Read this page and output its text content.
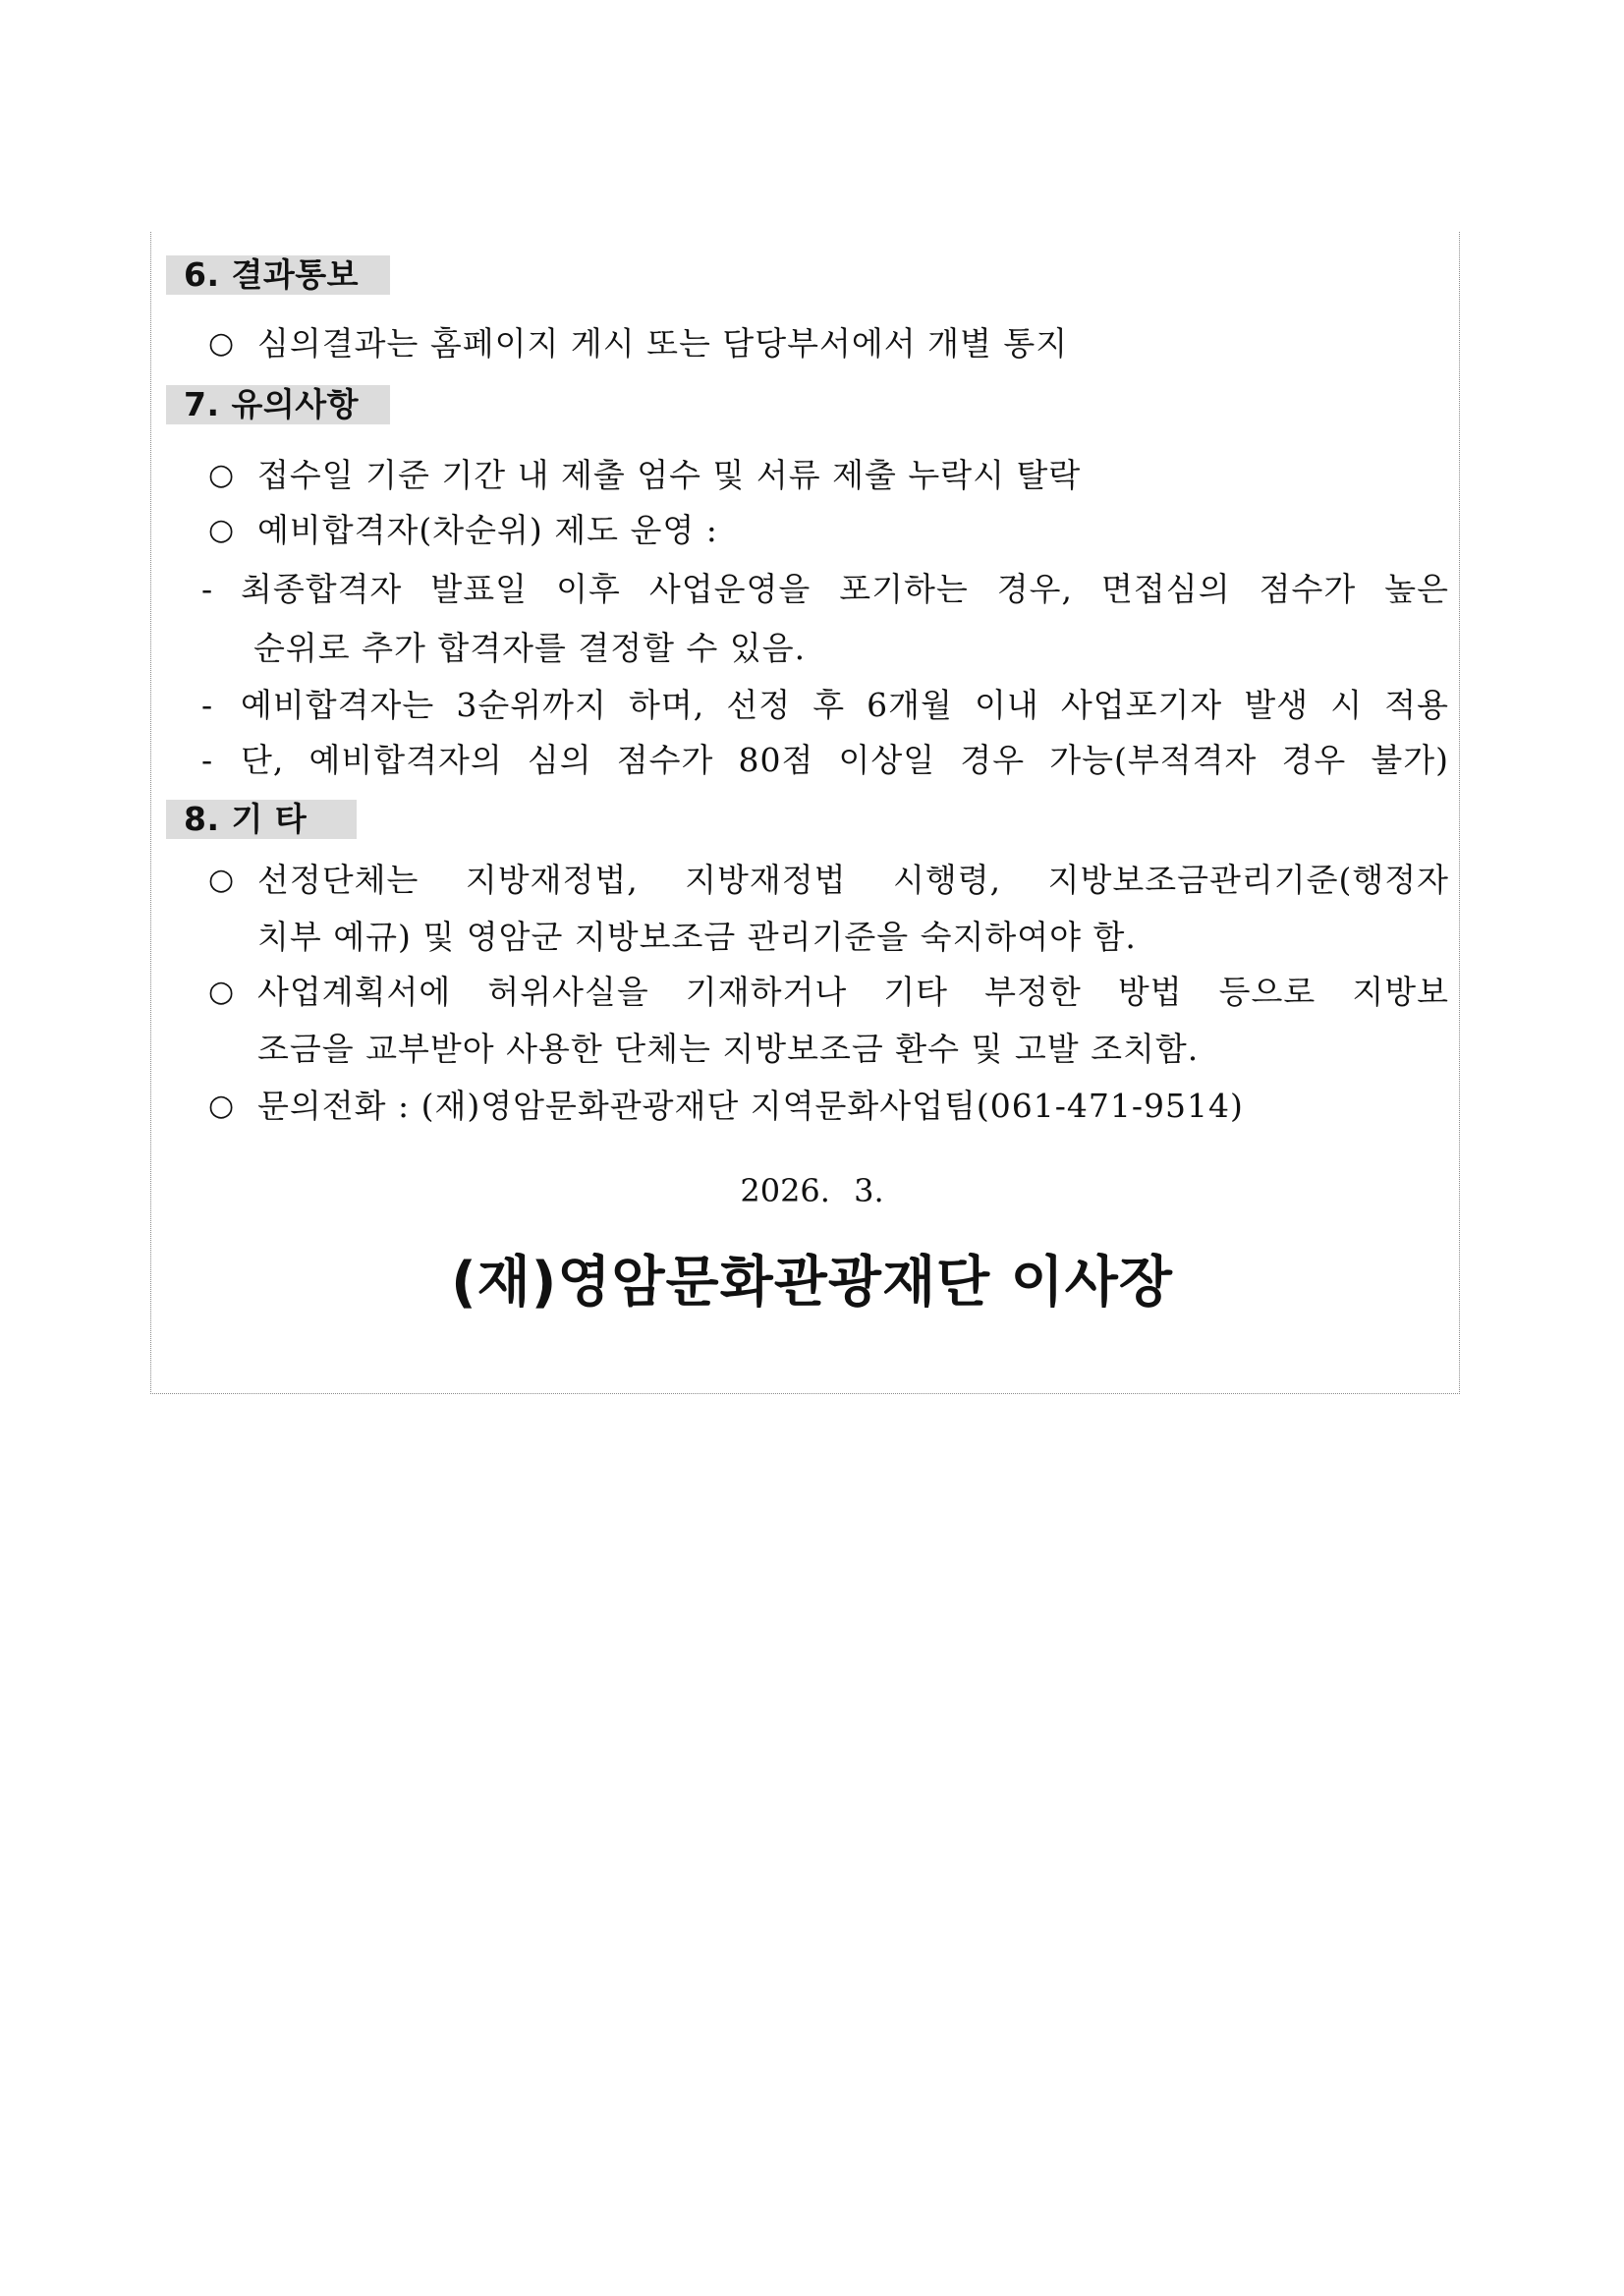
6. 결과통보
○ 심의결과는 홈페이지 게시 또는 담당부서에서 개별 통지
7. 유의사항
○ 접수일 기준 기간 내 제출 엄수 및 서류 제출 누락시 탈락
○ 예비합격자(차순위) 제도 운영 :
- 최종합격자 발표일 이후 사업운영을 포기하는 경우, 면접심의 점수가 높은
순위로 추가 합격자를 결정할 수 있음.
- 예비합격자는 3순위까지 하며, 선정 후 6개월 이내 사업포기자 발생 시 적용
- 단, 예비합격자의 심의 점수가 80점 이상일 경우 가능(부적격자 경우 불가)
8. 기 타
○ 선정단체는 지방재정법, 지방재정법 시행령, 지방보조금관리기준(행정자
치부 예규) 및 영암군 지방보조금 관리기준을 숙지하여야 함.
○ 사업계획서에 허위사실을 기재하거나 기타 부정한 방법 등으로 지방보
조금을 교부받아 사용한 단체는 지방보조금 환수 및 고발 조치함.
○ 문의전화 : (재)영암문화관광재단 지역문화사업팀(061-471-9514)
2026. 3.
(재)영암문화관광재단 이사장
